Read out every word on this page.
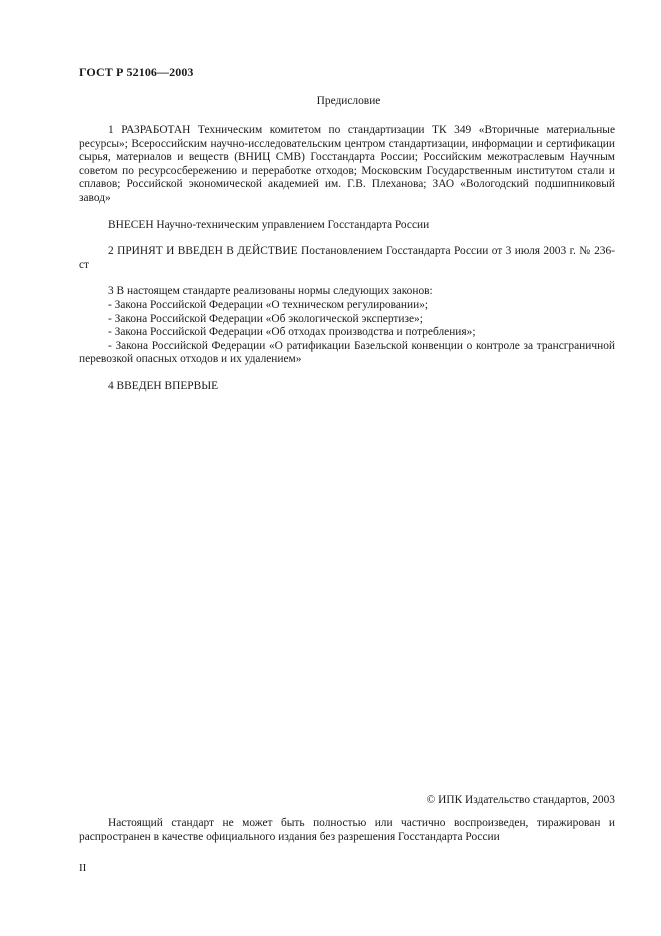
ГОСТ Р 52106—2003
Предисловие

1 РАЗРАБОТАН Техническим комитетом по стандартизации ТК 349 «Вторичные материальные ресурсы»; Всероссийским научно-исследовательским центром стандартизации, информации и сертификации сырья, материалов и веществ (ВНИЦ СМВ) Госстандарта России; Российским межотраслевым Научным советом по ресурсосбережению и переработке отходов; Московским Государственным институтом стали и сплавов; Российской экономической академией им. Г.В. Плеханова; ЗАО «Вологодский подшипниковый завод»

ВНЕСЕН Научно-техническим управлением Госстандарта России

2 ПРИНЯТ И ВВЕДЕН В ДЕЙСТВИЕ Постановлением Госстандарта России от 3 июля 2003 г. № 236-ст

3 В настоящем стандарте реализованы нормы следующих законов:

- Закона Российской Федерации «О техническом регулировании»;

- Закона Российской Федерации «Об экологической экспертизе»;

- Закона Российской Федерации «Об отходах производства и потребления»;

- Закона Российской Федерации «О ратификации Базельской конвенции о контроле за трансграничной перевозкой опасных отходов и их удалением»

4 ВВЕДЕН ВПЕРВЫЕ

© ИПК Издательство стандартов, 2003
Настоящий стандарт не может быть полностью или частично воспроизведен, тиражирован и распространен в качестве официального издания без разрешения Госстандарта России
II
